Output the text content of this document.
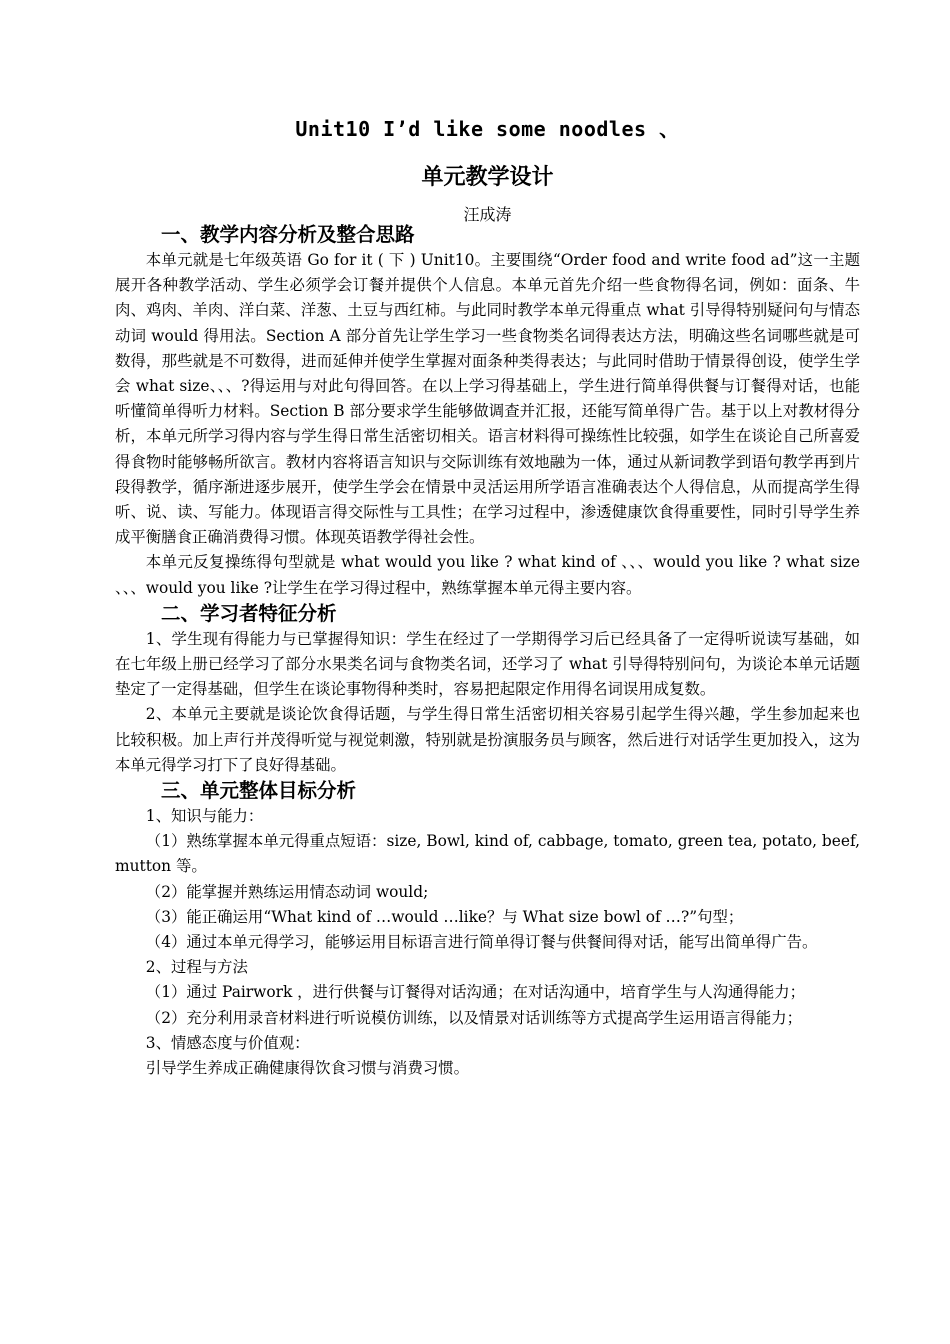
Unit10 I’d like some noodles 、
单元教学设计
汪成涛

一、教学内容分析及整合思路

本单元就是七年级英语 Go for it ( 下 ) Unit10。主要围绕“Order food and write food ad”这一主题展开各种教学活动、学生必须学会订餐并提供个人信息。本单元首先介绍一些食物得名词，例如：面条、牛肉、鸡肉、羊肉、洋白菜、洋葱、土豆与西红柿。与此同时教学本单元得重点 what 引导得特别疑问句与情态动词 would 得用法。Section A 部分首先让学生学习一些食物类名词得表达方法，明确这些名词哪些就是可数得，那些就是不可数得，进而延伸并使学生掌握对面条种类得表达；与此同时借助于情景得创设，使学生学会 what size、、、?得运用与对此句得回答。在以上学习得基础上，学生进行简单得供餐与订餐得对话，也能听懂简单得听力材料。Section B 部分要求学生能够做调查并汇报，还能写简单得广告。基于以上对教材得分析，本单元所学习得内容与学生得日常生活密切相关。语言材料得可操练性比较强，如学生在谈论自己所喜爱得食物时能够畅所欲言。教材内容将语言知识与交际训练有效地融为一体，通过从新词教学到语句教学再到片段得教学，循序渐进逐步展开，使学生学会在情景中灵活运用所学语言准确表达个人得信息，从而提高学生得听、说、读、写能力。体现语言得交际性与工具性；在学习过程中，渗透健康饮食得重要性，同时引导学生养成平衡膳食正确消费得习惯。体现英语教学得社会性。

本单元反复操练得句型就是 what would you like ? what kind of 、、、would you like ? what size 、、、would you like ?让学生在学习得过程中，熟练掌握本单元得主要内容。

二、学习者特征分析

1、学生现有得能力与已掌握得知识：学生在经过了一学期得学习后已经具备了一定得听说读写基础，如在七年级上册已经学习了部分水果类名词与食物类名词，还学习了 what 引导得特别问句，为谈论本单元话题垫定了一定得基础，但学生在谈论事物得种类时，容易把起限定作用得名词误用成复数。

2、本单元主要就是谈论饮食得话题，与学生得日常生活密切相关容易引起学生得兴趣，学生参加起来也比较积极。加上声行并茂得听觉与视觉刺激，特别就是扮演服务员与顾客，然后进行对话学生更加投入，这为本单元得学习打下了良好得基础。

三、单元整体目标分析

1、知识与能力：

（1）熟练掌握本单元得重点短语：size, Bowl, kind of, cabbage, tomato, green tea, potato, beef, mutton 等。

（2）能掌握并熟练运用情态动词 would;

（3）能正确运用“What kind of …would …like？与 What size bowl of …?”句型；

（4）通过本单元得学习，能够运用目标语言进行简单得订餐与供餐间得对话，能写出简单得广告。

2、过程与方法

（1）通过 Pairwork ，进行供餐与订餐得对话沟通；在对话沟通中，培育学生与人沟通得能力；

（2）充分利用录音材料进行听说模仿训练，以及情景对话训练等方式提高学生运用语言得能力；

3、情感态度与价值观：

引导学生养成正确健康得饮食习惯与消费习惯。
